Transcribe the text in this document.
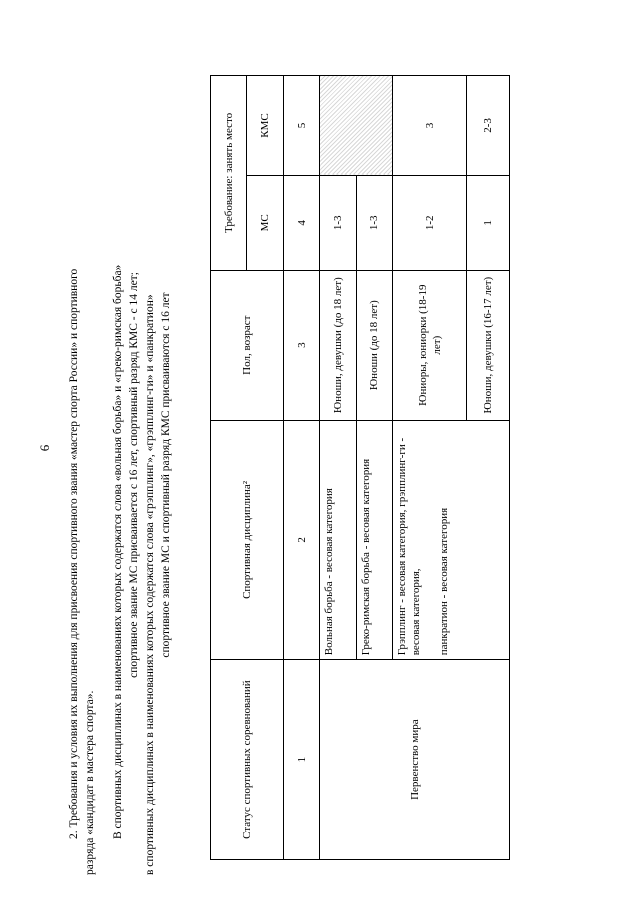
6 2. Требования и условия их выполнения для присвоения спортивного звания «мастер спорта России» и спортивного разряда «кандидат в мастера спорта». В спортивных дисциплинах в наименованиях которых содержатся слова «вольная борьба» и «греко-римская борьба» спортивное звание МС присваивается с 16 лет, спортивный разряд КМС - с 14 лет; в спортивных дисциплинах в наименованиях которых содержатся слова «грэпплинг», «грэпплинг-ги» и «панкратион» спортивное звание МС и спортивный разряд КМС присваиваются с 16 лет

Статус спортивных соревнований	Спортивная дисциплина²	Пол, возраст	Требование: занять место	
			МС	КМС
1	2	3	4	5
Первенство мира	Вольная борьба - весовая категория	Юноши, девушки (до 18 лет)	1-3	
	Греко-римская борьба - весовая категория	Юноши (до 18 лет)	1-3	
	Грэпплинг - весовая категория, грэпплинг-ги - весовая категория, панкратион - весовая категория	Юниоры, юниорки (18-19 лет)	1-2	3
		Юноши, девушки (16-17 лет)	1	2-3
